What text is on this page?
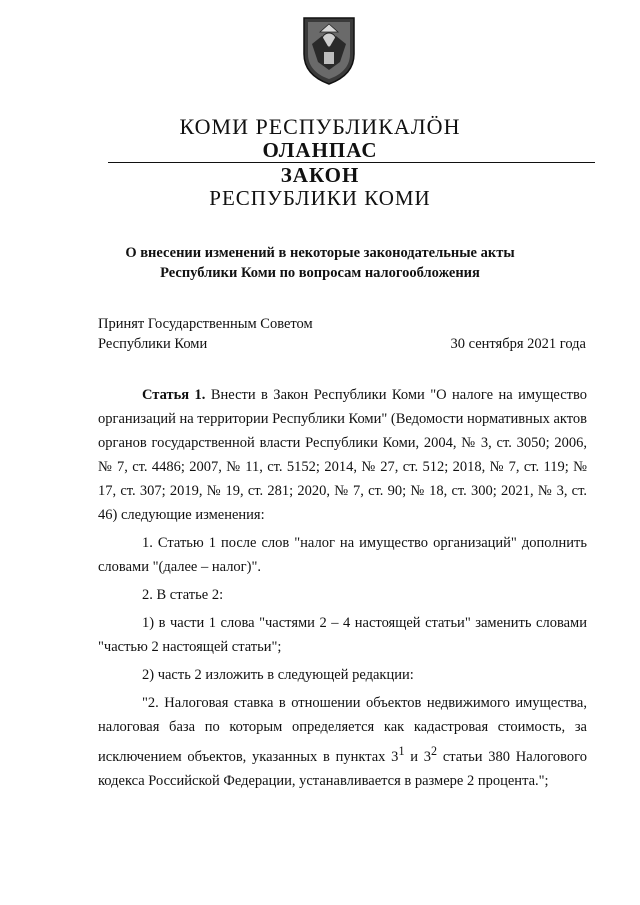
КОМИ РЕСПУБЛИКАЛӦН
ОЛАНПАС
ЗАКОН
РЕСПУБЛИКИ КОМИ
О внесении изменений в некоторые законодательные акты
Республики Коми по вопросам налогообложения
Принят Государственным Советом
Республики Коми	30 сентября 2021 года

Статья 1. Внести в Закон Республики Коми "О налоге на имущество организаций на территории Республики Коми" (Ведомости нормативных актов органов государственной власти Республики Коми, 2004, № 3, ст. 3050; 2006, № 7, ст. 4486; 2007, № 11, ст. 5152; 2014, № 27, ст. 512; 2018, № 7, ст. 119; № 17, ст. 307; 2019, № 19, ст. 281; 2020, № 7, ст. 90; № 18, ст. 300; 2021, № 3, ст. 46) следующие изменения:

1. Статью 1 после слов "налог на имущество организаций" дополнить словами "(далее – налог)".

2. В статье 2:

1) в части 1 слова "частями 2 – 4 настоящей статьи" заменить словами "частью 2 настоящей статьи";

2) часть 2 изложить в следующей редакции:

"2. Налоговая ставка в отношении объектов недвижимого имущества, налоговая база по которым определяется как кадастровая стоимость, за исключением объектов, указанных в пунктах $3^1$ и $3^2$ статьи 380 Налогового кодекса Российской Федерации, устанавливается в размере 2 процента.";
